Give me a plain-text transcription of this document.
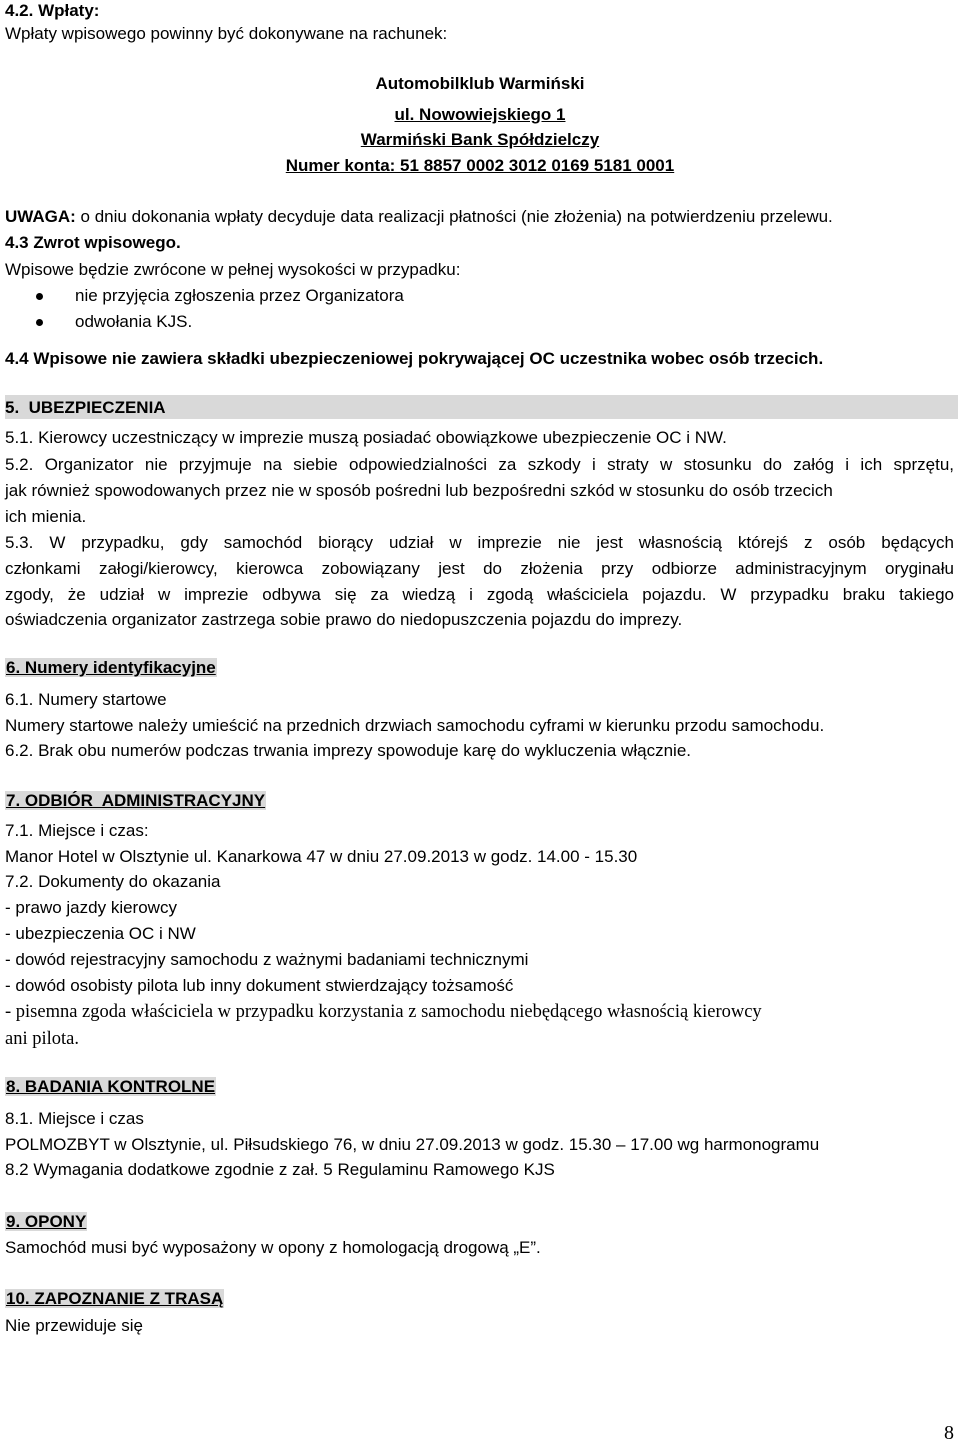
4.2. Wpłaty:
Wpłaty wpisowego powinny być dokonywane na rachunek:
Automobilklub Warmiński
ul. Nowowiejskiego 1
Warmiński Bank Spółdzielczy
Numer konta: 51 8857 0002 3012 0169 5181 0001
UWAGA: o dniu dokonania wpłaty decyduje data realizacji płatności (nie złożenia) na potwierdzeniu przelewu.
4.3 Zwrot wpisowego.
Wpisowe będzie zwrócone w pełnej wysokości w przypadku:
nie przyjęcia zgłoszenia przez Organizatora
odwołania KJS.
4.4 Wpisowe nie zawiera składki ubezpieczeniowej pokrywającej OC uczestnika wobec osób trzecich.
5.  UBEZPIECZENIA
5.1. Kierowcy uczestniczący w imprezie muszą posiadać obowiązkowe ubezpieczenie OC i NW.
5.2. Organizator nie przyjmuje na siebie odpowiedzialności za szkody i straty w stosunku do załóg i ich sprzętu,
jak również spowodowanych przez nie w sposób pośredni lub bezpośredni szkód w stosunku do osób trzecich
ich mienia.
5.3. W przypadku, gdy samochód biorący udział w imprezie nie jest własnością którejś z osób będących
członkami załogi/kierowcy, kierowca zobowiązany jest do złożenia przy odbiorze administracyjnym oryginału
zgody, że udział w imprezie odbywa się za wiedzą i zgodą właściciela pojazdu. W przypadku braku takiego
oświadczenia organizator zastrzega sobie prawo do niedopuszczenia pojazdu do imprezy.
6. Numery identyfikacyjne
6.1. Numery startowe
Numery startowe należy umieścić na przednich drzwiach samochodu cyframi w kierunku przodu samochodu.
6.2. Brak obu numerów podczas trwania imprezy spowoduje karę do wykluczenia włącznie.
7. ODBIÓR  ADMINISTRACYJNY
7.1. Miejsce i czas:
Manor Hotel w Olsztynie ul. Kanarkowa 47 w dniu 27.09.2013 w godz. 14.00 - 15.30
7.2. Dokumenty do okazania
- prawo jazdy kierowcy
- ubezpieczenia OC i NW
- dowód rejestracyjny samochodu z ważnymi badaniami technicznymi
- dowód osobisty pilota lub inny dokument stwierdzający tożsamość
- pisemna zgoda właściciela w przypadku korzystania z samochodu niebędącego własnością kierowcy
ani pilota.
8. BADANIA KONTROLNE
8.1. Miejsce i czas
POLMOZBYT w Olsztynie, ul. Piłsudskiego 76, w dniu 27.09.2013 w godz. 15.30 – 17.00 wg harmonogramu
8.2 Wymagania dodatkowe zgodnie z zał. 5 Regulaminu Ramowego KJS
9. OPONY
Samochód musi być wyposażony w opony z homologacją drogową „E”.
10. ZAPOZNANIE Z TRASĄ
Nie przewiduje się
8
